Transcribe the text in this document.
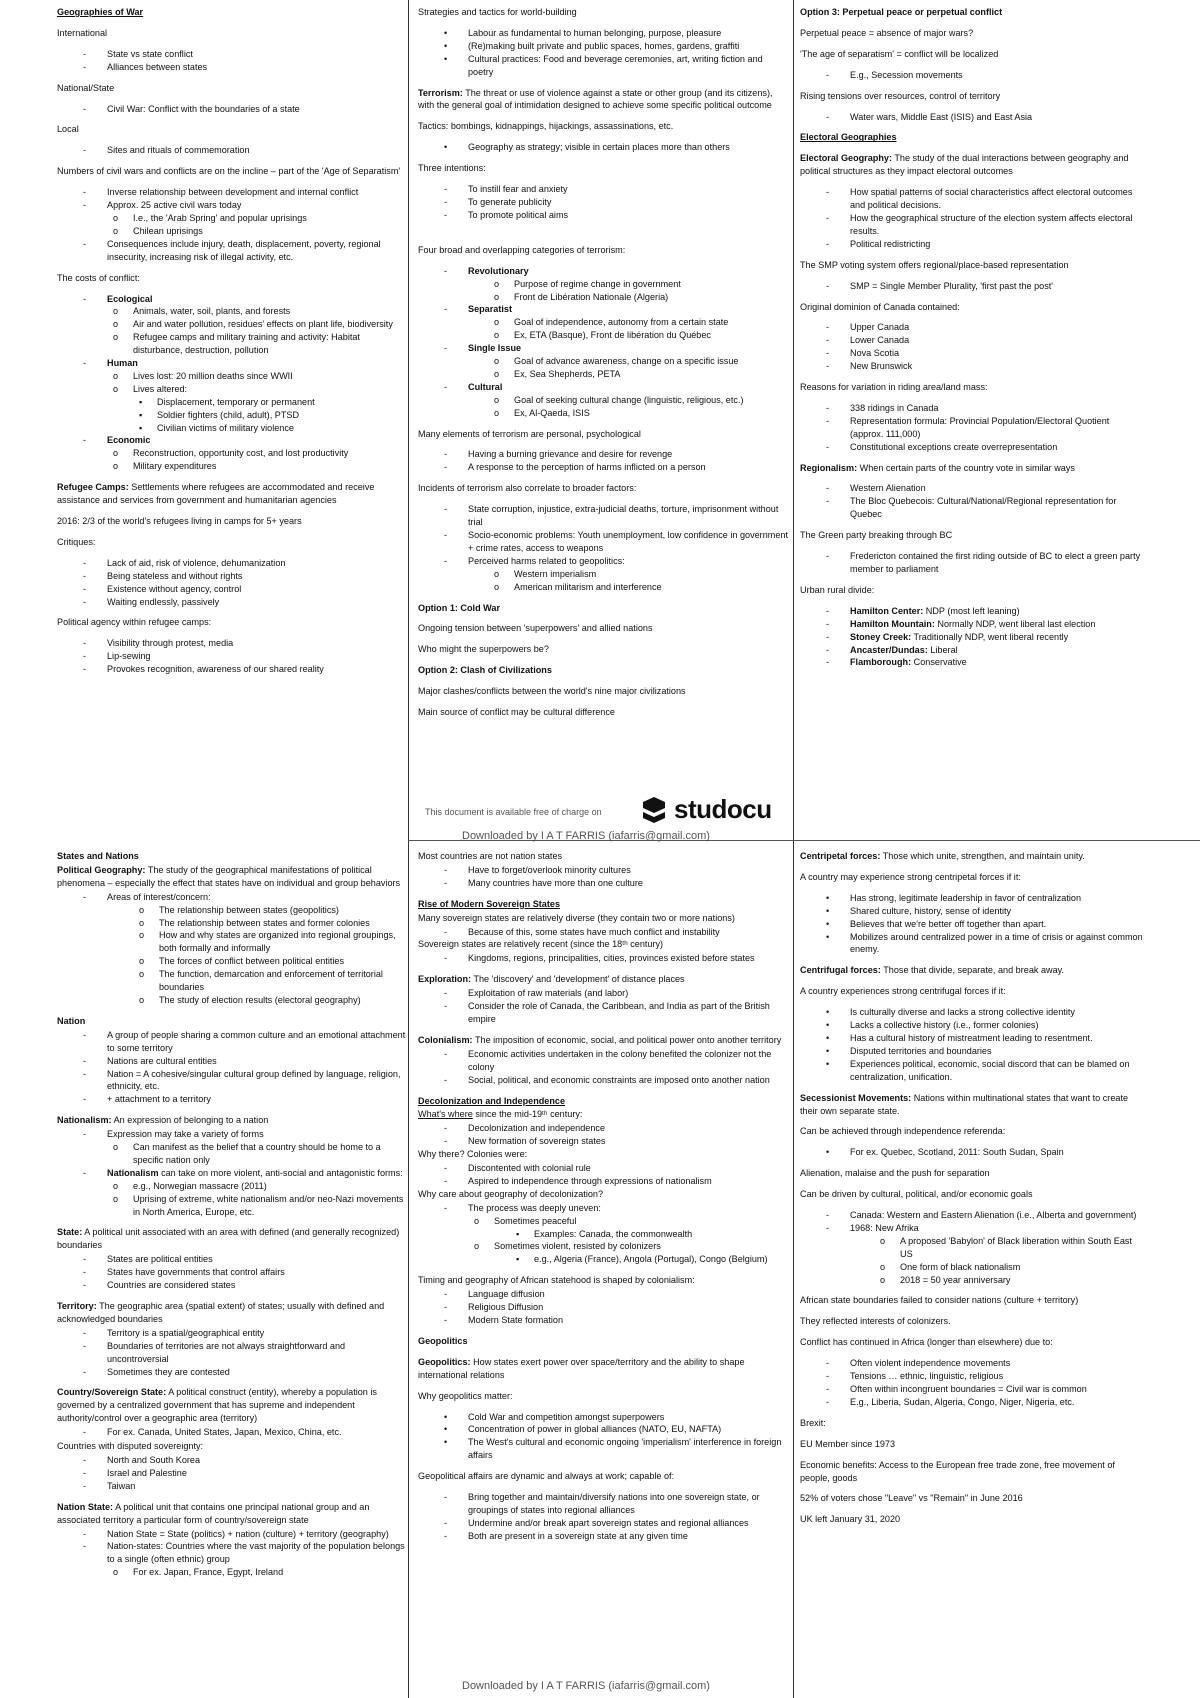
Geographies of War

International

- State vs state conflict
- Alliances between states

National/State

- Civil War: Conflict with the boundaries of a state

Local

- Sites and rituals of commemoration

Numbers of civil wars and conflicts are on the incline – part of the 'Age of Separatism'

- Inverse relationship between development and internal conflict
- Approx. 25 active civil wars today
o I.e., the 'Arab Spring' and popular uprisings
o Chilean uprisings
- Consequences include injury, death, displacement, poverty, regional insecurity, increasing risk of illegal activity, etc.

The costs of conflict:

- Ecological
o Animals, water, soil, plants, and forests
o Air and water pollution, residues' effects on plant life, biodiversity
o Refugee camps and military training and activity: Habitat disturbance, destruction, pollution
- Human
o Lives lost: 20 million deaths since WWII
o Lives altered:
▪ Displacement, temporary or permanent
▪ Soldier fighters (child, adult), PTSD
▪ Civilian victims of military violence
- Economic
o Reconstruction, opportunity cost, and lost productivity
o Military expenditures

Refugee Camps: Settlements where refugees are accommodated and receive assistance and services from government and humanitarian agencies

2016: 2/3 of the world's refugees living in camps for 5+ years

Critiques:

- Lack of aid, risk of violence, dehumanization
- Being stateless and without rights
- Existence without agency, control
- Waiting endlessly, passively

Political agency within refugee camps:

- Visibility through protest, media
- Lip-sewing
- Provokes recognition, awareness of our shared reality

Strategies and tactics for world-building

• Labour as fundamental to human belonging, purpose, pleasure
• (Re)making built private and public spaces, homes, gardens, graffiti
• Cultural practices: Food and beverage ceremonies, art, writing fiction and poetry

Terrorism: The threat or use of violence against a state or other group (and its citizens), with the general goal of intimidation designed to achieve some specific political outcome

Tactics: bombings, kidnappings, hijackings, assassinations, etc.

• Geography as strategy; visible in certain places more than others

Three intentions:

- To instill fear and anxiety
- To generate publicity
- To promote political aims

Four broad and overlapping categories of terrorism:

- Revolutionary
o Purpose of regime change in government
o Front de Libération Nationale (Algeria)
- Separatist
o Goal of independence, autonomy from a certain state
o Ex, ETA (Basque), Front de libération du Québec
- Single Issue
o Goal of advance awareness, change on a specific issue
o Ex, Sea Shepherds, PETA
- Cultural
o Goal of seeking cultural change (linguistic, religious, etc.)
o Ex, Al-Qaeda, ISIS

Many elements of terrorism are personal, psychological

- Having a burning grievance and desire for revenge
- A response to the perception of harms inflicted on a person

Incidents of terrorism also correlate to broader factors:

- State corruption, injustice, extra-judicial deaths, torture, imprisonment without trial
- Socio-economic problems: Youth unemployment, low confidence in government + crime rates, access to weapons
- Perceived harms related to geopolitics:
o Western imperialism
o American militarism and interference

Option 1: Cold War

Ongoing tension between 'superpowers' and allied nations

Who might the superpowers be?

Option 2: Clash of Civilizations

Major clashes/conflicts between the world's nine major civilizations

Main source of conflict may be cultural difference

Option 3: Perpetual peace or perpetual conflict

Perpetual peace = absence of major wars?

'The age of separatism' = conflict will be localized

- E.g., Secession movements

Rising tensions over resources, control of territory

- Water wars, Middle East (ISIS) and East Asia

Electoral Geographies

Electoral Geography: The study of the dual interactions between geography and political structures as they impact electoral outcomes

- How spatial patterns of social characteristics affect electoral outcomes and political decisions.
- How the geographical structure of the election system affects electoral results.
- Political redistricting

The SMP voting system offers regional/place-based representation

- SMP = Single Member Plurality, 'first past the post'

Original dominion of Canada contained:

- Upper Canada
- Lower Canada
- Nova Scotia
- New Brunswick

Reasons for variation in riding area/land mass:

- 338 ridings in Canada
- Representation formula: Provincial Population/Electoral Quotient (approx. 111,000)
- Constitutional exceptions create overrepresentation

Regionalism: When certain parts of the country vote in similar ways

- Western Alienation
- The Bloc Quebecois: Cultural/National/Regional representation for Quebec

The Green party breaking through BC

- Fredericton contained the first riding outside of BC to elect a green party member to parliament

Urban rural divide:

- Hamilton Center: NDP (most left leaning)
- Hamilton Mountain: Normally NDP, went liberal last election
- Stoney Creek: Traditionally NDP, went liberal recently
- Ancaster/Dundas: Liberal
- Flamborough: Conservative
studocu
This document is available free of charge on
Downloaded by I A T FARRIS (iafarris@gmail.com)
Downloaded by I A T FARRIS (iafarris@gmail.com)

States and Nations

Political Geography: The study of the geographical manifestations of political phenomena – especially the effect that states have on individual and group behaviors

- Areas of interest/concern:
o The relationship between states (geopolitics)
o The relationship between states and former colonies
o How and why states are organized into regional groupings, both formally and informally
o The forces of conflict between political entities
o The function, demarcation and enforcement of territorial boundaries
o The study of election results (electoral geography)

Nation

- A group of people sharing a common culture and an emotional attachment to some territory
- Nations are cultural entities
- Nation = A cohesive/singular cultural group defined by language, religion, ethnicity, etc.
- + attachment to a territory

Nationalism: An expression of belonging to a nation

- Expression may take a variety of forms
o Can manifest as the belief that a country should be home to a specific nation only
- Nationalism can take on more violent, anti-social and antagonistic forms:
o e.g., Norwegian massacre (2011)
o Uprising of extreme, white nationalism and/or neo-Nazi movements in North America, Europe, etc.

State: A political unit associated with an area with defined (and generally recognized) boundaries

- States are political entities
- States have governments that control affairs
- Countries are considered states

Territory: The geographic area (spatial extent) of states; usually with defined and acknowledged boundaries

- Territory is a spatial/geographical entity
- Boundaries of territories are not always straightforward and uncontroversial
- Sometimes they are contested

Country/Sovereign State: A political construct (entity), whereby a population is governed by a centralized government that has supreme and independent authority/control over a geographic area (territory)

- For ex. Canada, United States, Japan, Mexico, China, etc.

Countries with disputed sovereignty:

- North and South Korea
- Israel and Palestine
- Taiwan

Nation State: A political unit that contains one principal national group and an associated territory a particular form of country/sovereign state

- Nation State = State (politics) + nation (culture) + territory (geography)
- Nation-states: Countries where the vast majority of the population belongs to a single (often ethnic) group
o For ex. Japan, France, Egypt, Ireland

Most countries are not nation states

- Have to forget/overlook minority cultures
- Many countries have more than one culture

Rise of Modern Sovereign States

Many sovereign states are relatively diverse (they contain two or more nations)

- Because of this, some states have much conflict and instability

Sovereign states are relatively recent (since the 18ᵗʰ century)

- Kingdoms, regions, principalities, cities, provinces existed before states

Exploration: The 'discovery' and 'development' of distance places

- Exploitation of raw materials (and labor)
- Consider the role of Canada, the Caribbean, and India as part of the British empire

Colonialism: The imposition of economic, social, and political power onto another territory

- Economic activities undertaken in the colony benefited the colonizer not the colony
- Social, political, and economic constraints are imposed onto another nation

Decolonization and Independence

What's where since the mid-19ᵗʰ century:

- Decolonization and independence
- New formation of sovereign states

Why there? Colonies were:

- Discontented with colonial rule
- Aspired to independence through expressions of nationalism

Why care about geography of decolonization?

- The process was deeply uneven:
o Sometimes peaceful
▪ Examples: Canada, the commonwealth
o Sometimes violent, resisted by colonizers
▪ e.g., Algeria (France), Angola (Portugal), Congo (Belgium)

Timing and geography of African statehood is shaped by colonialism:

- Language diffusion
- Religious Diffusion
- Modern State formation

Geopolitics

Geopolitics: How states exert power over space/territory and the ability to shape international relations

Why geopolitics matter:

• Cold War and competition amongst superpowers
• Concentration of power in global alliances (NATO, EU, NAFTA)
• The West's cultural and economic ongoing 'imperialism' interference in foreign affairs

Geopolitical affairs are dynamic and always at work; capable of:

- Bring together and maintain/diversify nations into one sovereign state, or groupings of states into regional alliances
- Undermine and/or break apart sovereign states and regional alliances
- Both are present in a sovereign state at any given time

Centripetal forces: Those which unite, strengthen, and maintain unity.

A country may experience strong centripetal forces if it:

• Has strong, legitimate leadership in favor of centralization
• Shared culture, history, sense of identity
• Believes that we're better off together than apart.
• Mobilizes around centralized power in a time of crisis or against common enemy.

Centrifugal forces: Those that divide, separate, and break away.

A country experiences strong centrifugal forces if it:

• Is culturally diverse and lacks a strong collective identity
• Lacks a collective history (i.e., former colonies)
• Has a cultural history of mistreatment leading to resentment.
• Disputed territories and boundaries
• Experiences political, economic, social discord that can be blamed on centralization, unification.

Secessionist Movements: Nations within multinational states that want to create their own separate state.

Can be achieved through independence referenda:

• For ex. Quebec, Scotland, 2011: South Sudan, Spain

Alienation, malaise and the push for separation

Can be driven by cultural, political, and/or economic goals

- Canada: Western and Eastern Alienation (i.e., Alberta and government)
- 1968: New Afrika
o A proposed 'Babylon' of Black liberation within South East US
o One form of black nationalism
o 2018 = 50 year anniversary

African state boundaries failed to consider nations (culture + territory)

They reflected interests of colonizers.

Conflict has continued in Africa (longer than elsewhere) due to:

- Often violent independence movements
- Tensions … ethnic, linguistic, religious
- Often within incongruent boundaries = Civil war is common
- E.g., Liberia, Sudan, Algeria, Congo, Niger, Nigeria, etc.

Brexit:

EU Member since 1973

Economic benefits: Access to the European free trade zone, free movement of people, goods

52% of voters chose "Leave" vs "Remain" in June 2016

UK left January 31, 2020
